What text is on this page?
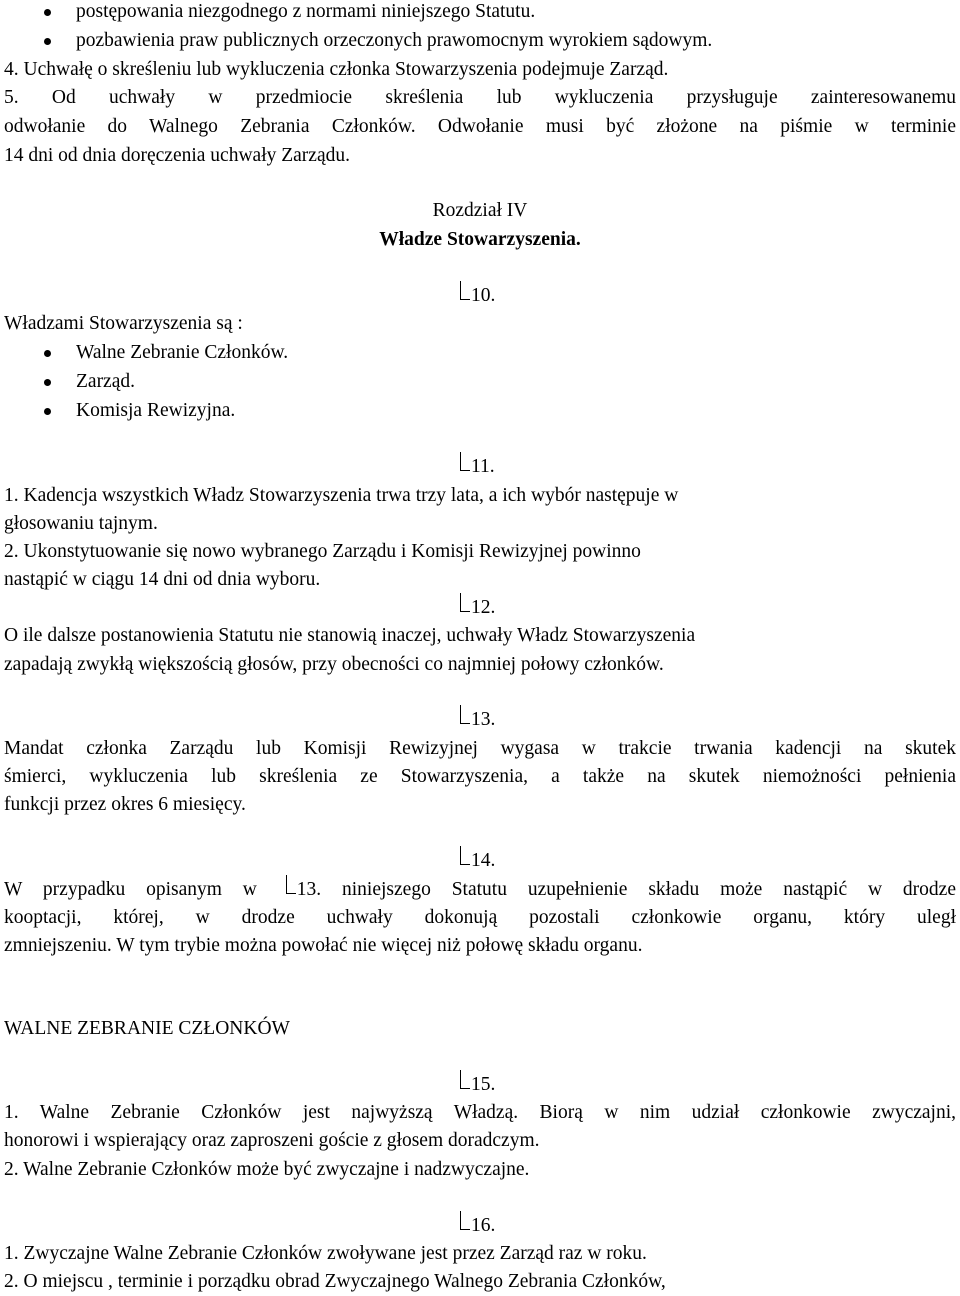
postępowania niezgodnego z normami niniejszego Statutu.
pozbawienia praw publicznych orzeczonych prawomocnym wyrokiem sądowym.
4. Uchwałę o skreśleniu lub wykluczenia członka Stowarzyszenia podejmuje Zarząd.
5. Od uchwały w przedmiocie skreślenia lub wykluczenia przysługuje zainteresowanemu
odwołanie do Walnego Zebrania Członków. Odwołanie musi być złożone na piśmie w terminie
14 dni od dnia doręczenia uchwały Zarządu.
Rozdział IV
Władze Stowarzyszenia.
10.
Władzami Stowarzyszenia są :
Walne Zebranie Członków.
Zarząd.
Komisja Rewizyjna.
11.
1. Kadencja wszystkich Władz Stowarzyszenia trwa trzy lata, a ich wybór następuje w
głosowaniu tajnym.
2. Ukonstytuowanie się nowo wybranego Zarządu i Komisji Rewizyjnej powinno
nastąpić w ciągu 14 dni od dnia wyboru.
12.
O ile dalsze postanowienia Statutu nie stanowią inaczej, uchwały Władz Stowarzyszenia
zapadają zwykłą większością głosów, przy obecności co najmniej połowy członków.
13.
Mandat członka Zarządu lub Komisji Rewizyjnej wygasa w trakcie trwania kadencji na skutek
śmierci, wykluczenia lub skreślenia ze Stowarzyszenia, a także na skutek niemożności pełnienia
funkcji przez okres 6 miesięcy.
14.
W przypadku opisanym w 13. niniejszego Statutu uzupełnienie składu może nastąpić w drodze
kooptacji, której, w drodze uchwały dokonują pozostali członkowie organu, który uległ
zmniejszeniu. W tym trybie można powołać nie więcej niż połowę składu organu.
WALNE ZEBRANIE CZŁONKÓW
15.
1. Walne Zebranie Członków jest najwyższą Władzą. Biorą w nim udział członkowie zwyczajni,
honorowi i wspierający oraz zaproszeni goście z głosem doradczym.
2. Walne Zebranie Członków może być zwyczajne i nadzwyczajne.
16.
1. Zwyczajne Walne Zebranie Członków zwoływane jest przez Zarząd raz w roku.
2. O miejscu , terminie i porządku obrad Zwyczajnego Walnego Zebrania Członków,
